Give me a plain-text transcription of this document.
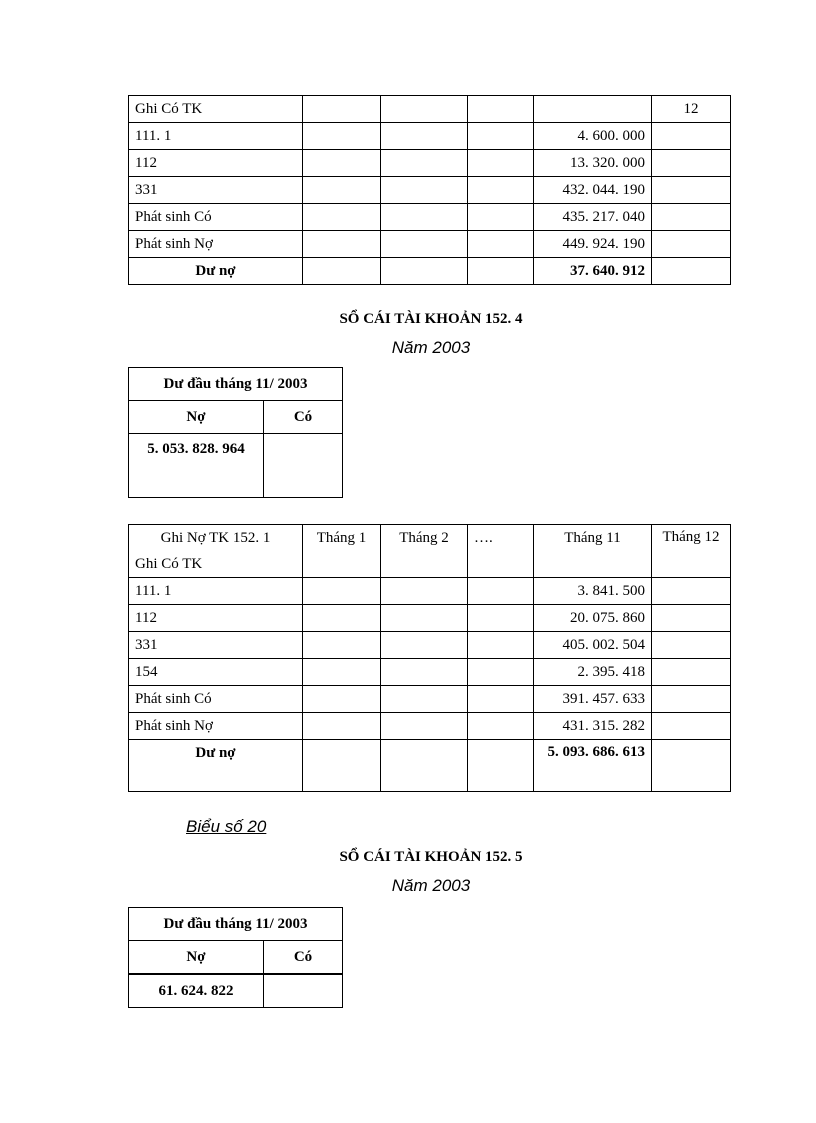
Ghi Có TK					12
111. 1				4. 600. 000	
112				13. 320. 000	
331				432. 044. 190	
Phát sinh Có				435. 217. 040	
Phát sinh Nợ				449. 924. 190	
Dư nợ				37. 640. 912	
SỔ CÁI TÀI KHOẢN 152. 4
Năm 2003
Dư đầu tháng 11/ 2003	
Nợ	Có
5. 053. 828. 964	
Ghi Nợ TK 152. 1
Ghi Có TK	Tháng 1	Tháng 2	….	Tháng 11	Tháng 12
111. 1				3. 841. 500	
112				20. 075. 860	
331				405. 002. 504	
154				2. 395. 418	
Phát sinh Có				391. 457. 633	
Phát sinh Nợ				431. 315. 282	
Dư nợ				5. 093. 686. 613	
Biểu số 20
SỔ CÁI TÀI KHOẢN 152. 5
Năm 2003
Dư đầu tháng 11/ 2003	
Nợ	Có
61. 624. 822	
